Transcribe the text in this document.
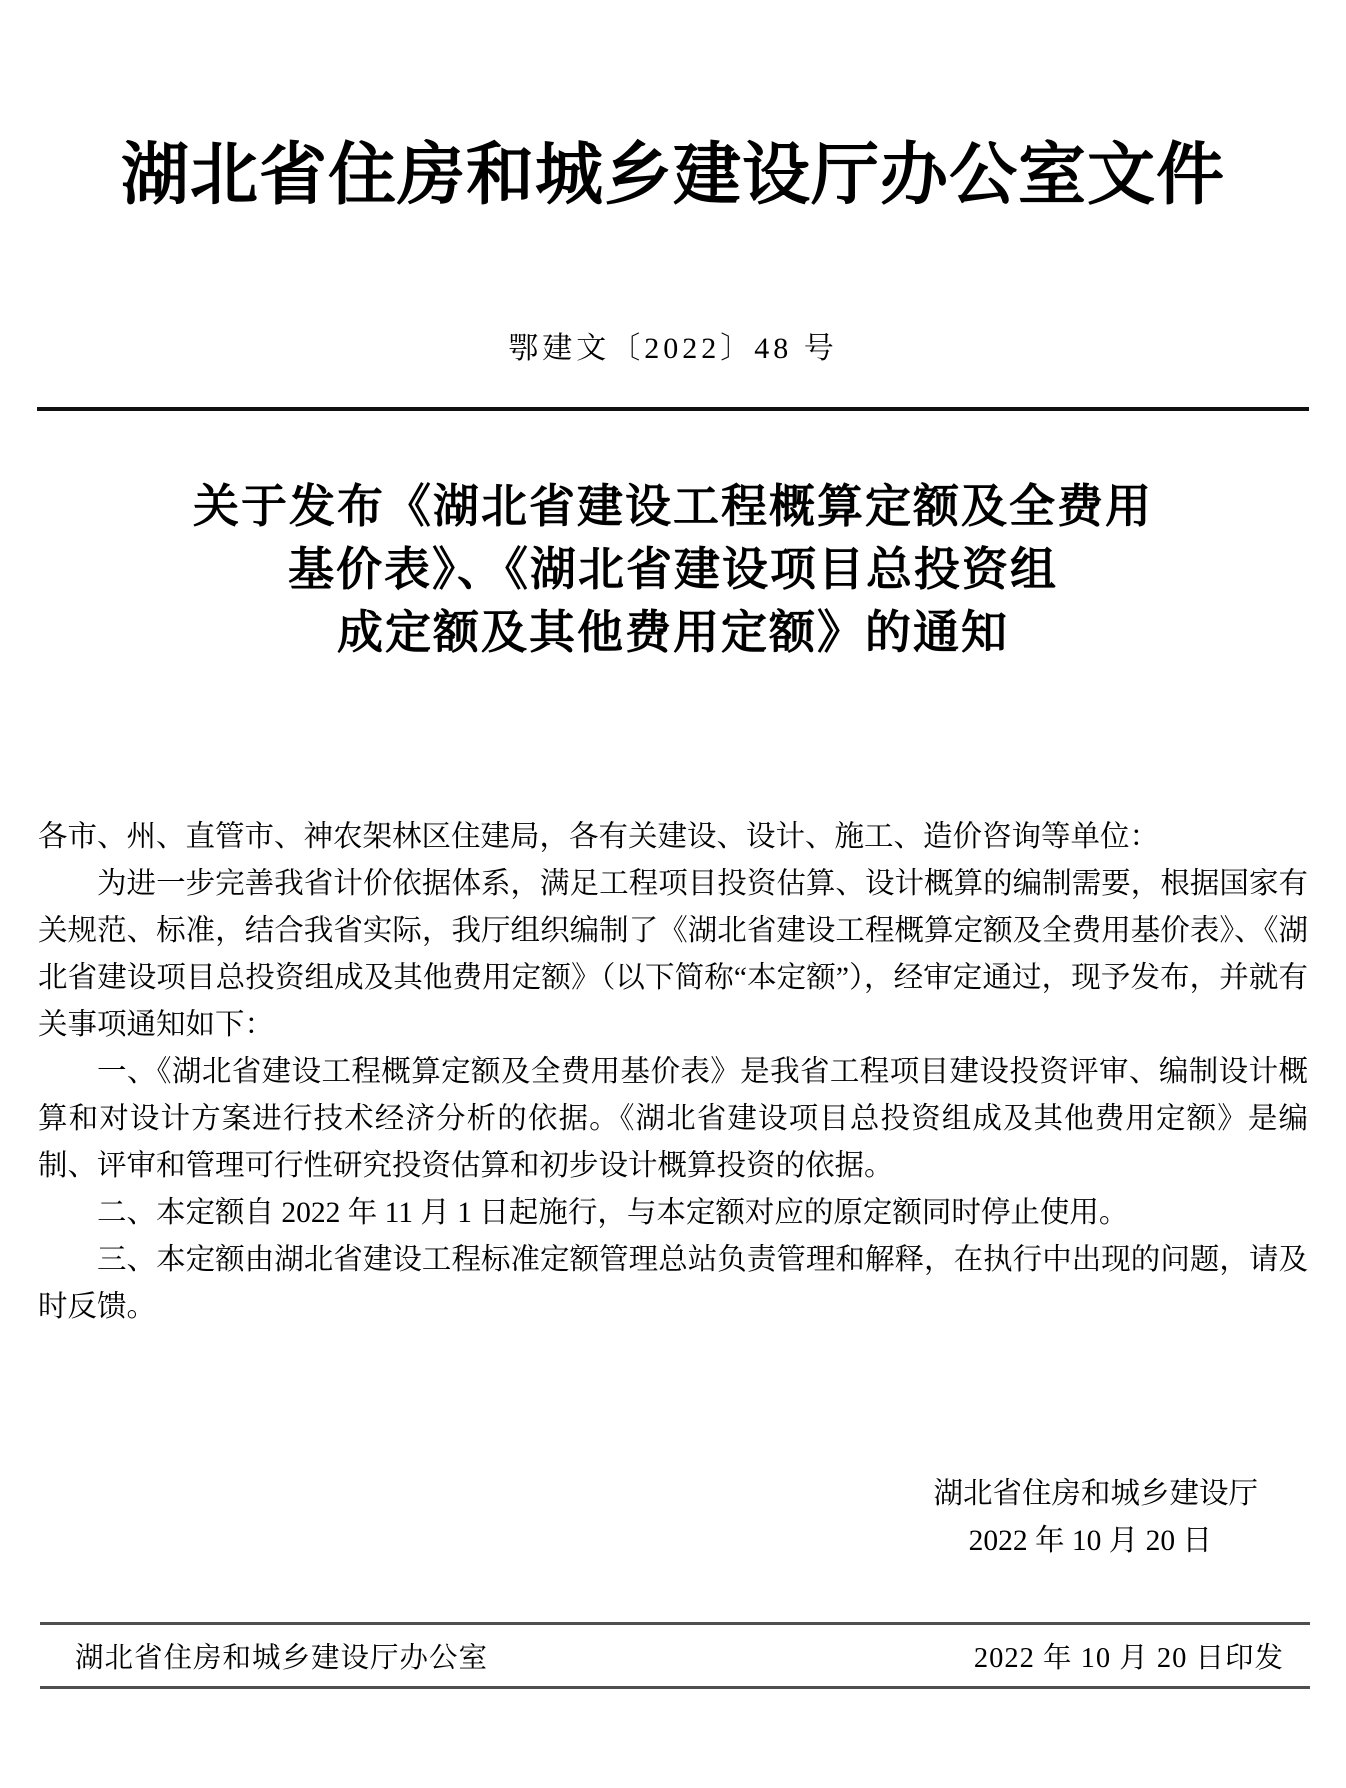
湖北省住房和城乡建设厅办公室文件
鄂建文〔2022〕48 号
关于发布《湖北省建设工程概算定额及全费用
基价表》、《湖北省建设项目总投资组
成定额及其他费用定额》的通知

各市、州、直管市、神农架林区住建局，各有关建设、设计、施工、造价咨询等单位：

为进一步完善我省计价依据体系，满足工程项目投资估算、设计概算的编制需要，根据国家有关规范、标准，结合我省实际，我厅组织编制了《湖北省建设工程概算定额及全费用基价表》、《湖北省建设项目总投资组成及其他费用定额》（以下简称“本定额”），经审定通过，现予发布，并就有关事项通知如下：

一、《湖北省建设工程概算定额及全费用基价表》是我省工程项目建设投资评审、编制设计概算和对设计方案进行技术经济分析的依据。《湖北省建设项目总投资组成及其他费用定额》是编制、评审和管理可行性研究投资估算和初步设计概算投资的依据。

二、本定额自 2022 年 11 月 1 日起施行，与本定额对应的原定额同时停止使用。

三、本定额由湖北省建设工程标准定额管理总站负责管理和解释，在执行中出现的问题，请及时反馈。

湖北省住房和城乡建设厅
2022 年 10 月 20 日
湖北省住房和城乡建设厅办公室	2022 年 10 月 20 日印发
